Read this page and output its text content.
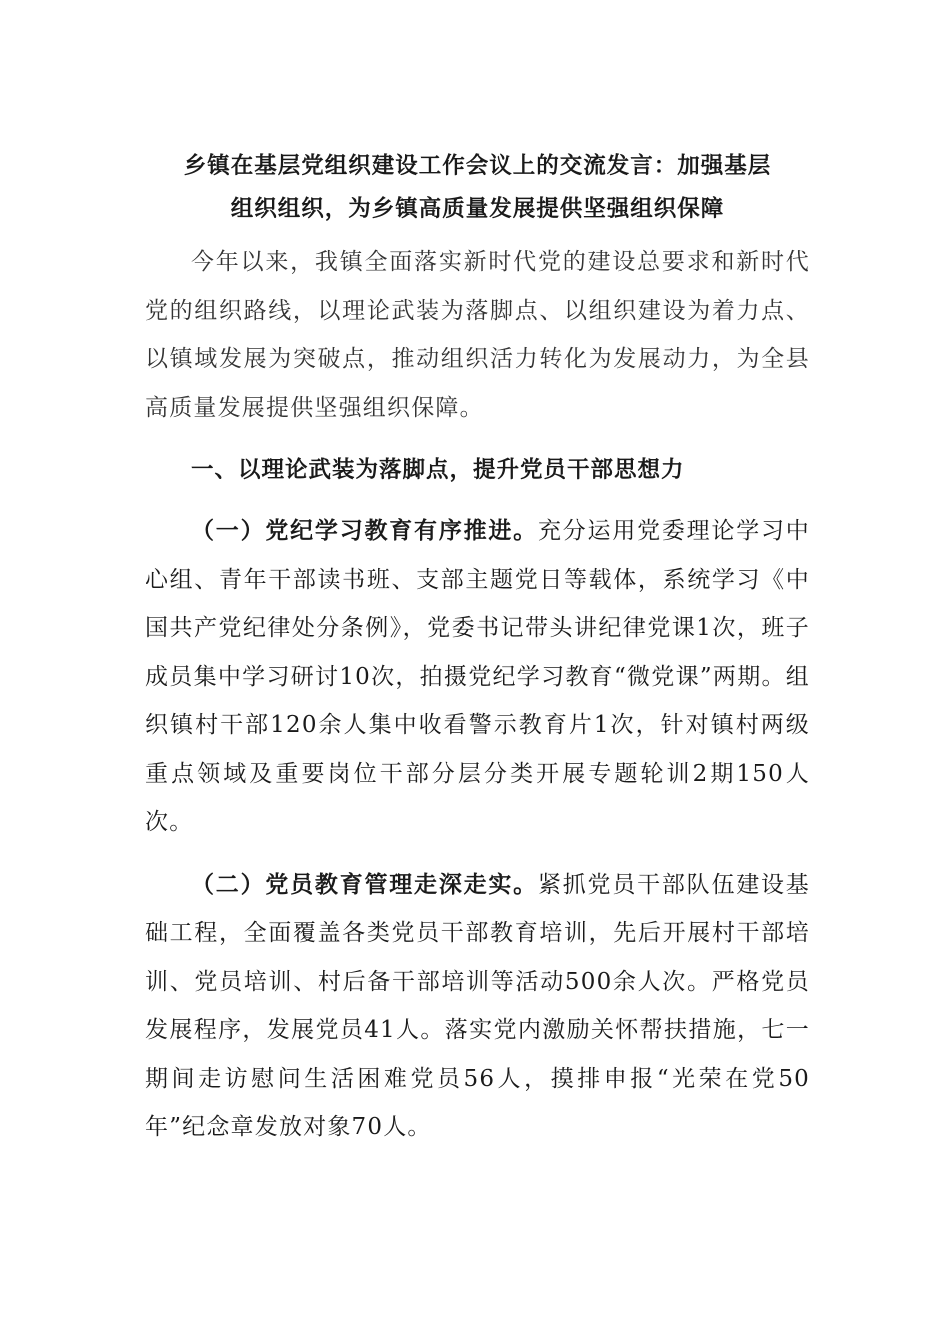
乡镇在基层党组织建设工作会议上的交流发言：加强基层
组织组织，为乡镇高质量发展提供坚强组织保障

今年以来，我镇全面落实新时代党的建设总要求和新时代党的组织路线，以理论武装为落脚点、以组织建设为着力点、以镇域发展为突破点，推动组织活力转化为发展动力，为全县高质量发展提供坚强组织保障。

一、以理论武装为落脚点，提升党员干部思想力

（一）党纪学习教育有序推进。充分运用党委理论学习中心组、青年干部读书班、支部主题党日等载体，系统学习《中国共产党纪律处分条例》，党委书记带头讲纪律党课1次，班子成员集中学习研讨10次，拍摄党纪学习教育“微党课”两期。组织镇村干部120余人集中收看警示教育片1次，针对镇村两级重点领域及重要岗位干部分层分类开展专题轮训2期150人次。

（二）党员教育管理走深走实。紧抓党员干部队伍建设基础工程，全面覆盖各类党员干部教育培训，先后开展村干部培训、党员培训、村后备干部培训等活动500余人次。严格党员发展程序，发展党员41人。落实党内激励关怀帮扶措施，七一期间走访慰问生活困难党员56人，摸排申报“光荣在党50年”纪念章发放对象70人。
